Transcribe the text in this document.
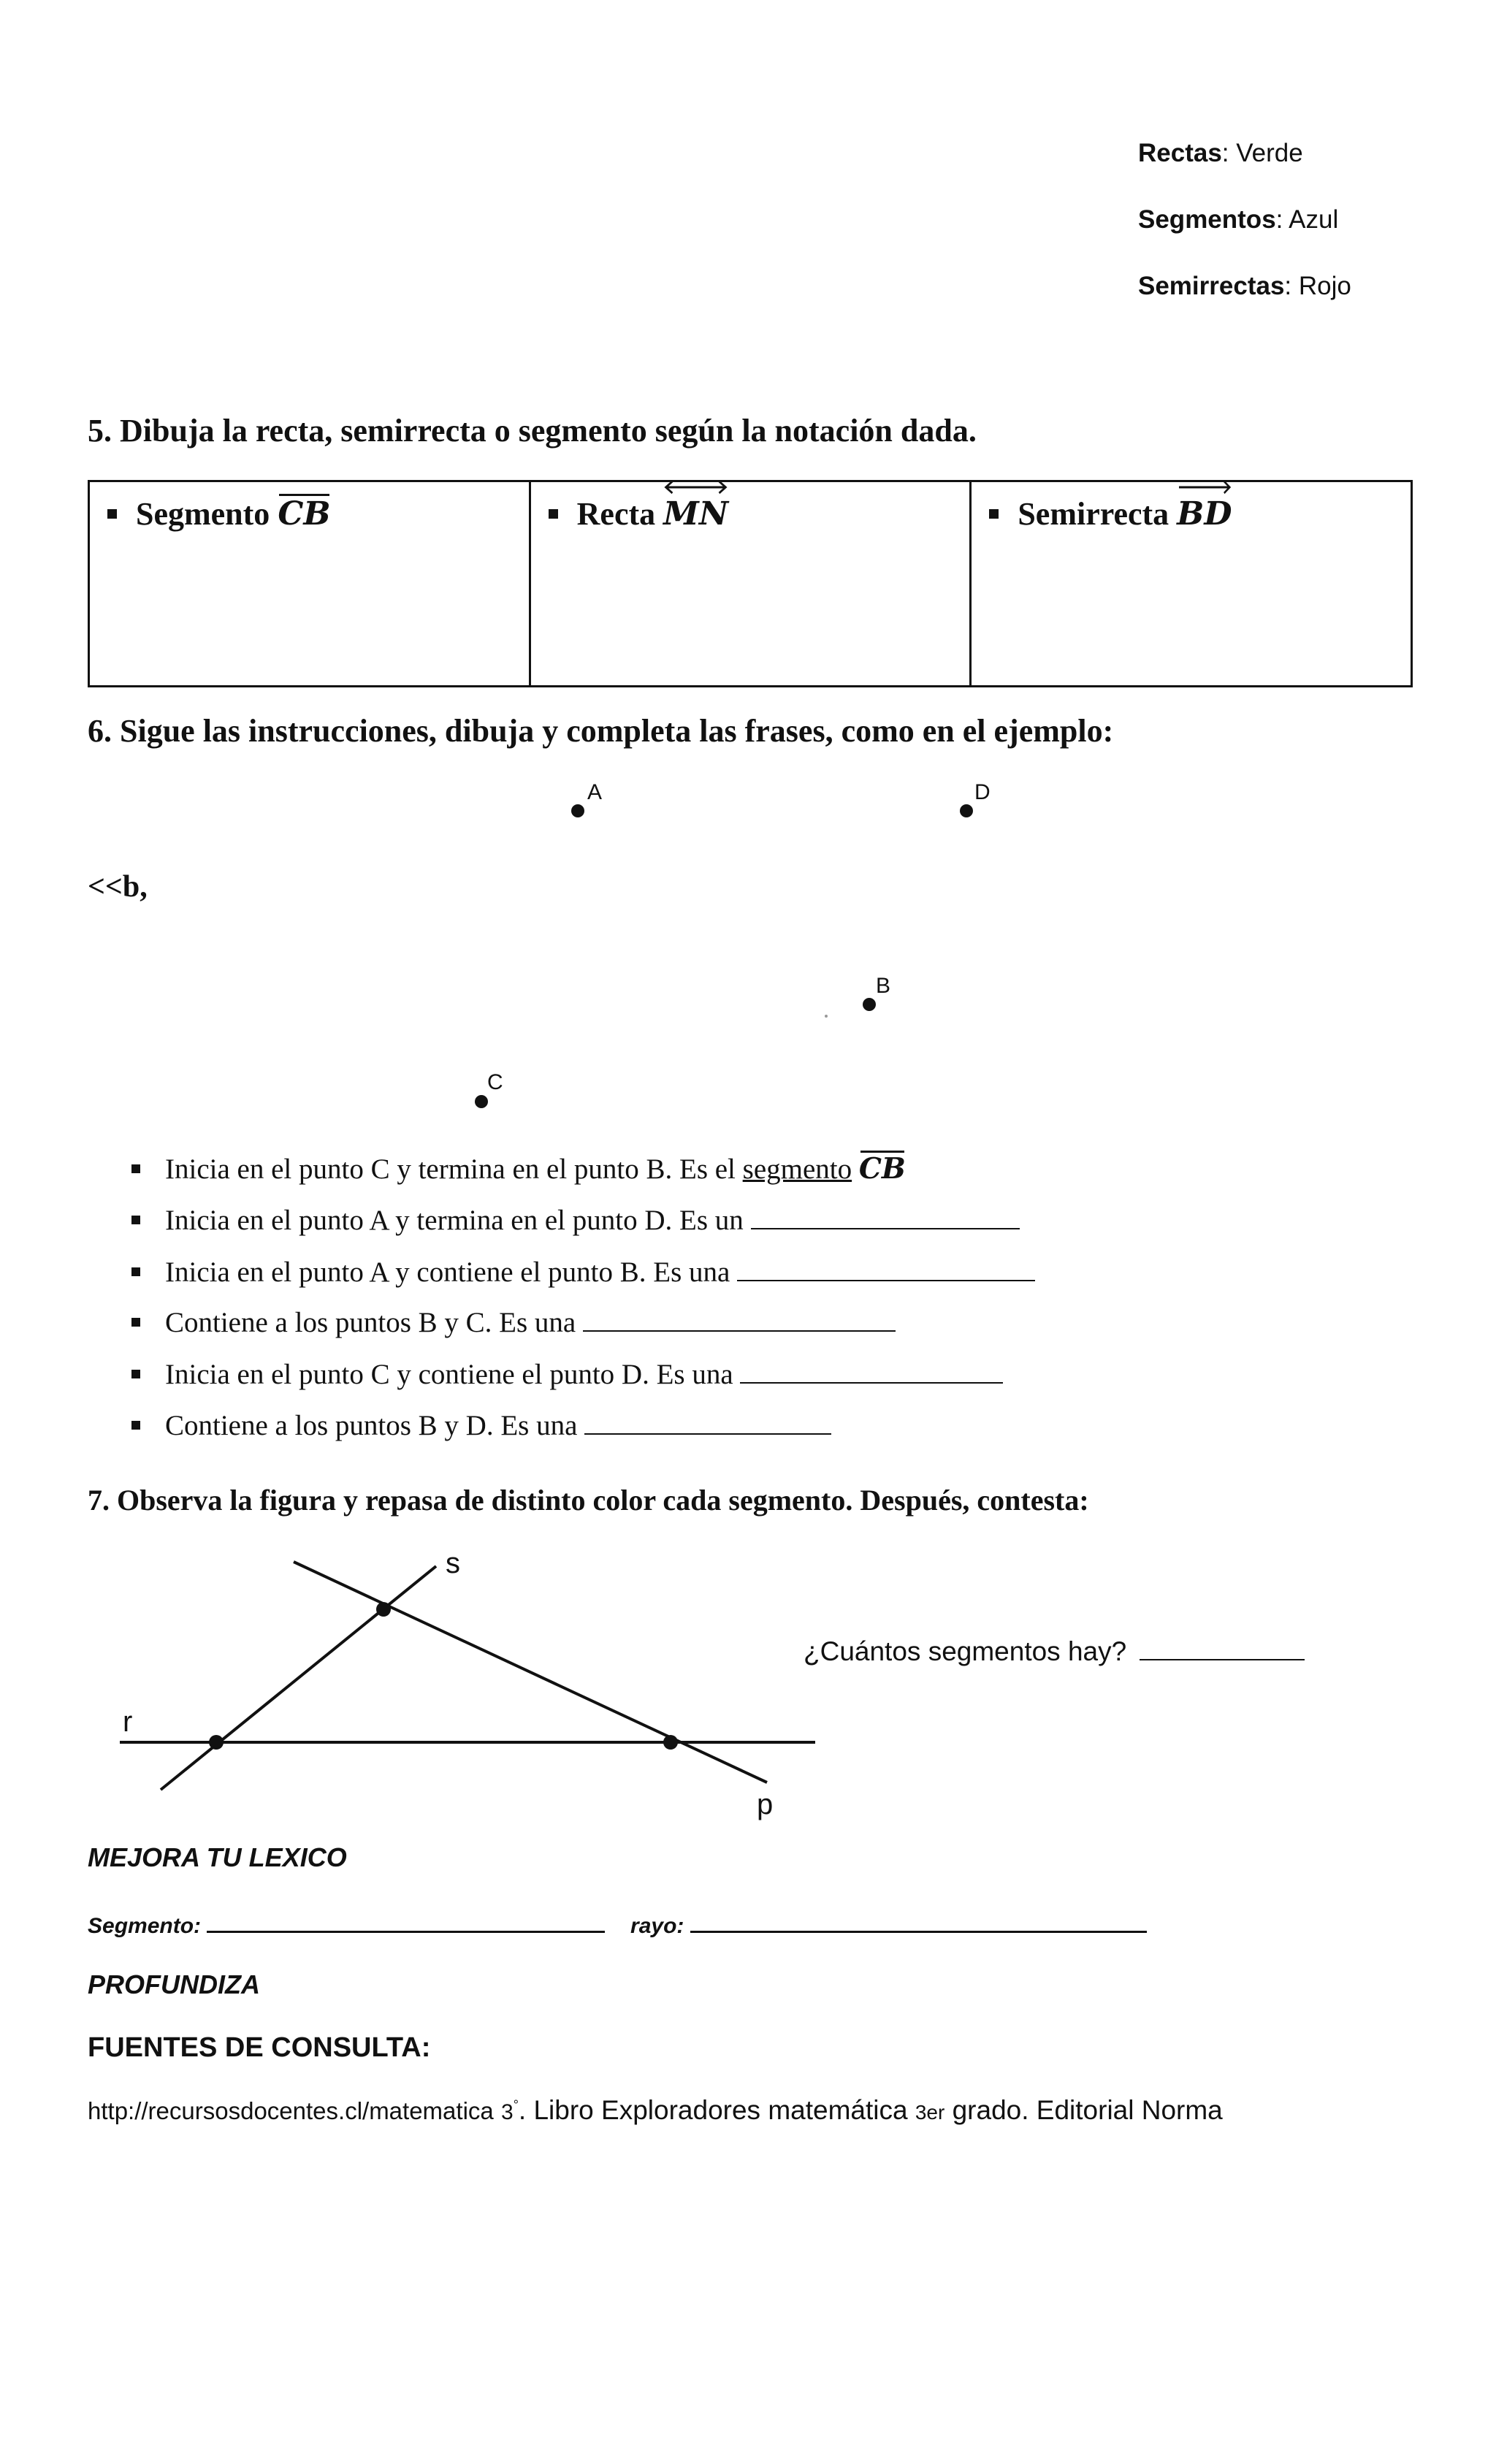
Rectas: Verde
Segmentos: Azul
Semirrectas: Rojo
5. Dibuja la recta, semirrecta o segmento según la notación dada.
Segmento CB	Recta MN	Semirrecta BD
6. Sigue las instrucciones, dibuja y completa las frases, como en el ejemplo:
<<b,
A	D
B
C
Inicia en el punto C y termina en el punto B. Es el segmento CB
Inicia en el punto A y termina en el punto D. Es un
Inicia en el punto A y contiene el punto B. Es una
Contiene a los puntos B y C. Es una
Inicia en el punto C y contiene el punto D. Es una
Contiene a los puntos B y D. Es una
7. Observa la figura y repasa de distinto color cada segmento. Después, contesta:
s
r
p
¿Cuántos segmentos hay?
MEJORA TU LEXICO
Segmento:	rayo:
PROFUNDIZA
FUENTES DE CONSULTA:
http://recursosdocentes.cl/matematica 3°. Libro Exploradores matemática 3er grado. Editorial Norma
